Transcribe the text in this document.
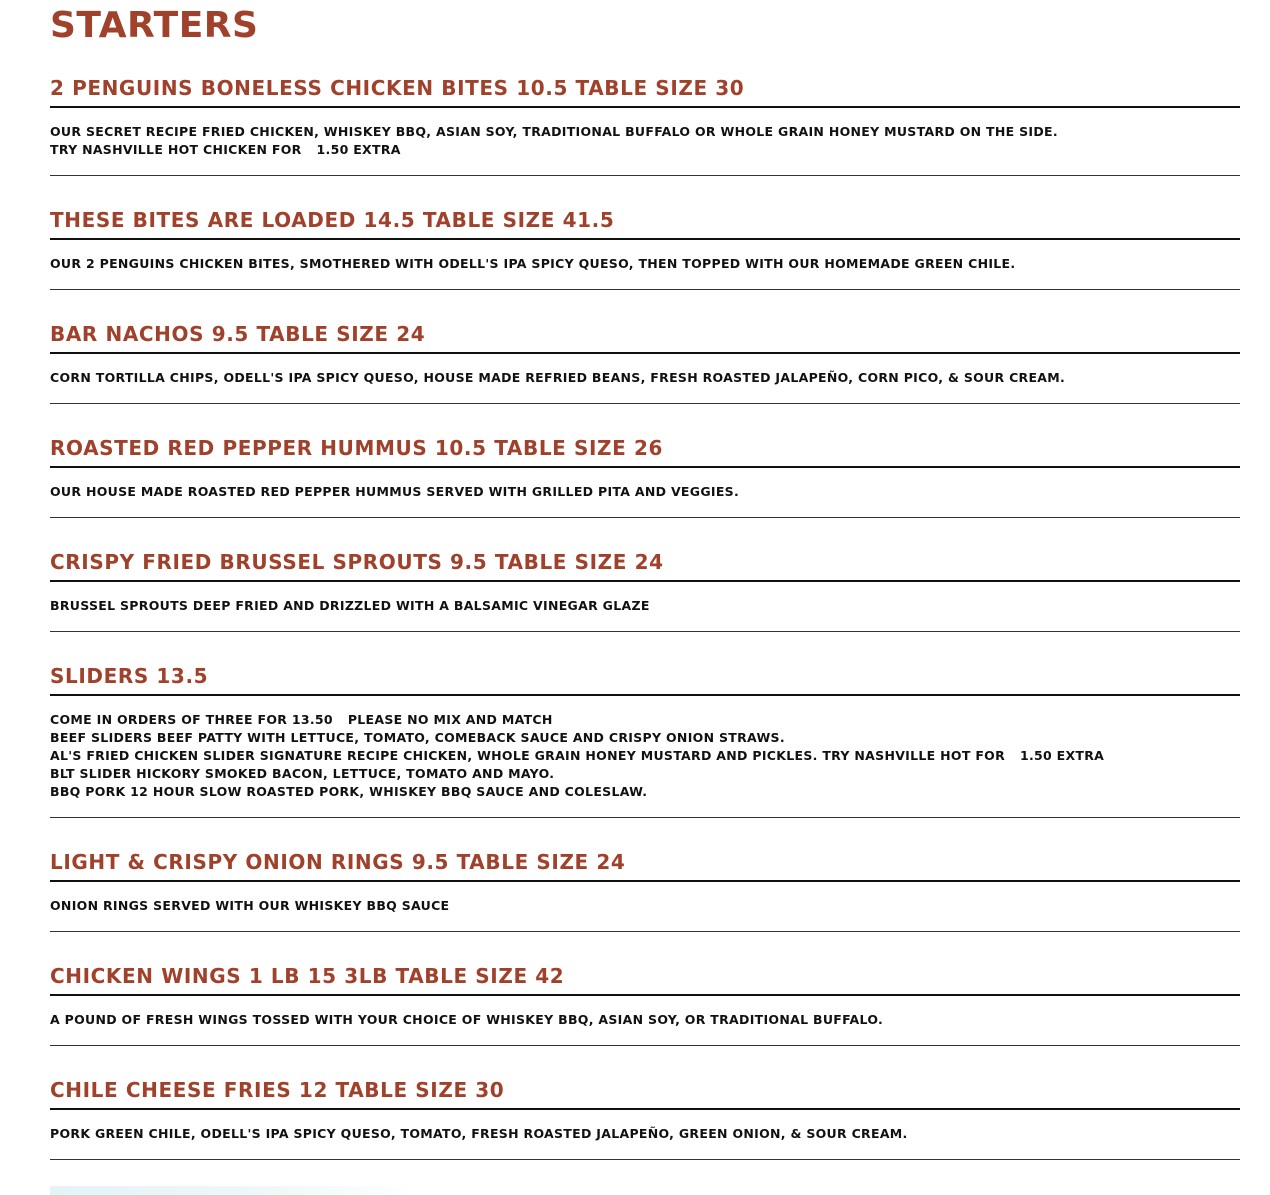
STARTERS
2 PENGUINS BONELESS CHICKEN BITES 10.5 TABLE SIZE 30
OUR SECRET RECIPE FRIED CHICKEN, WHISKEY BBQ, ASIAN SOY, TRADITIONAL BUFFALO OR WHOLE GRAIN HONEY MUSTARD ON THE SIDE.
TRY NASHVILLE HOT CHICKEN FOR 1.50 EXTRA
THESE BITES ARE LOADED 14.5 TABLE SIZE 41.5
OUR 2 PENGUINS CHICKEN BITES, SMOTHERED WITH ODELL'S IPA SPICY QUESO, THEN TOPPED WITH OUR HOMEMADE GREEN CHILE.
BAR NACHOS 9.5 TABLE SIZE 24
CORN TORTILLA CHIPS, ODELL'S IPA SPICY QUESO, HOUSE MADE REFRIED BEANS, FRESH ROASTED JALAPEÑO, CORN PICO, & SOUR CREAM.
ROASTED RED PEPPER HUMMUS 10.5 TABLE SIZE 26
OUR HOUSE MADE ROASTED RED PEPPER HUMMUS SERVED WITH GRILLED PITA AND VEGGIES.
CRISPY FRIED BRUSSEL SPROUTS 9.5 TABLE SIZE 24
BRUSSEL SPROUTS DEEP FRIED AND DRIZZLED WITH A BALSAMIC VINEGAR GLAZE
SLIDERS 13.5
COME IN ORDERS OF THREE FOR 13.50 PLEASE NO MIX AND MATCH
BEEF SLIDERS BEEF PATTY WITH LETTUCE, TOMATO, COMEBACK SAUCE AND CRISPY ONION STRAWS.
AL'S FRIED CHICKEN SLIDER SIGNATURE RECIPE CHICKEN, WHOLE GRAIN HONEY MUSTARD AND PICKLES. TRY NASHVILLE HOT FOR 1.50 EXTRA
BLT SLIDER HICKORY SMOKED BACON, LETTUCE, TOMATO AND MAYO.
BBQ PORK 12 HOUR SLOW ROASTED PORK, WHISKEY BBQ SAUCE AND COLESLAW.
LIGHT & CRISPY ONION RINGS 9.5 TABLE SIZE 24
ONION RINGS SERVED WITH OUR WHISKEY BBQ SAUCE
CHICKEN WINGS 1 LB 15 3LB TABLE SIZE 42
A POUND OF FRESH WINGS TOSSED WITH YOUR CHOICE OF WHISKEY BBQ, ASIAN SOY, OR TRADITIONAL BUFFALO.
CHILE CHEESE FRIES 12 TABLE SIZE 30
PORK GREEN CHILE, ODELL'S IPA SPICY QUESO, TOMATO, FRESH ROASTED JALAPEÑO, GREEN ONION, & SOUR CREAM.
